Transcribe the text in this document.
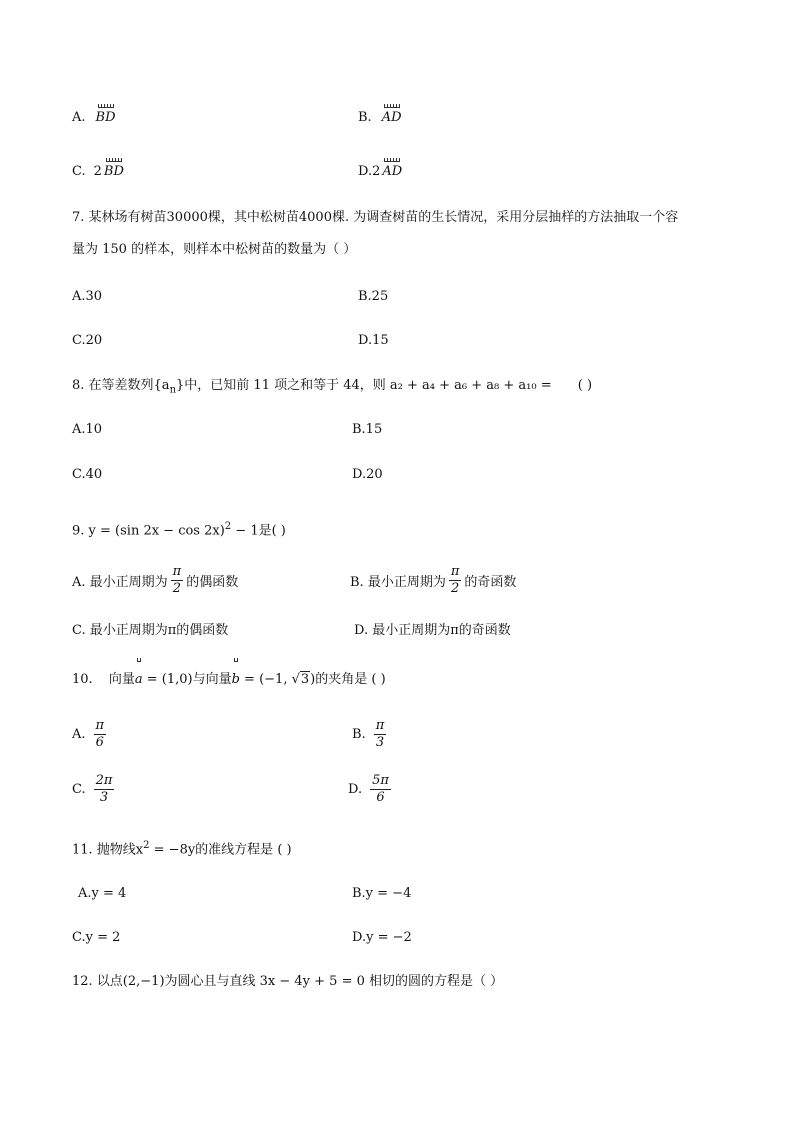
A. BD	B. AD
C. 2 BD	D.2 AD
7. 某林场有树苗30000棵，其中松树苗4000棵. 为调查树苗的生长情况，采用分层抽样的方法抽取一个容
量为 150 的样本，则样本中松树苗的数量为（ ）
A.30	B.25
C.20	D.15
8. 在等差数列$\{a_n\}$中，已知前 11 项之和等于 44，则 a₂ + a₄ + a₆ + a₈ + a₁₀ = ( )
A.10	B.15
C.40	D.20
9. y = (sin 2x − cos 2x)$^2$ − 1是( )
A. 最小正周期为 $\frac{\pi}{2}$ 的偶函数	B. 最小正周期为 $\frac{\pi}{2}$ 的奇函数
C. 最小正周期为π的偶函数	D. 最小正周期为π的奇函数
10. 向量a = (1,0)与向量b = (−1, √3)的夹角是 ( )
A. $\frac{\pi}{6}$	B. $\frac{\pi}{3}$
C. $\frac{2\pi}{3}$	D. $\frac{5\pi}{6}$
11. 抛物线$x^2 = -8y$的准线方程是 ( )
A.y = 4	B.y = −4
C.y = 2	D.y = −2
12. 以点(2,−1)为圆心且与直线 3x − 4y + 5 = 0 相切的圆的方程是（ ）
